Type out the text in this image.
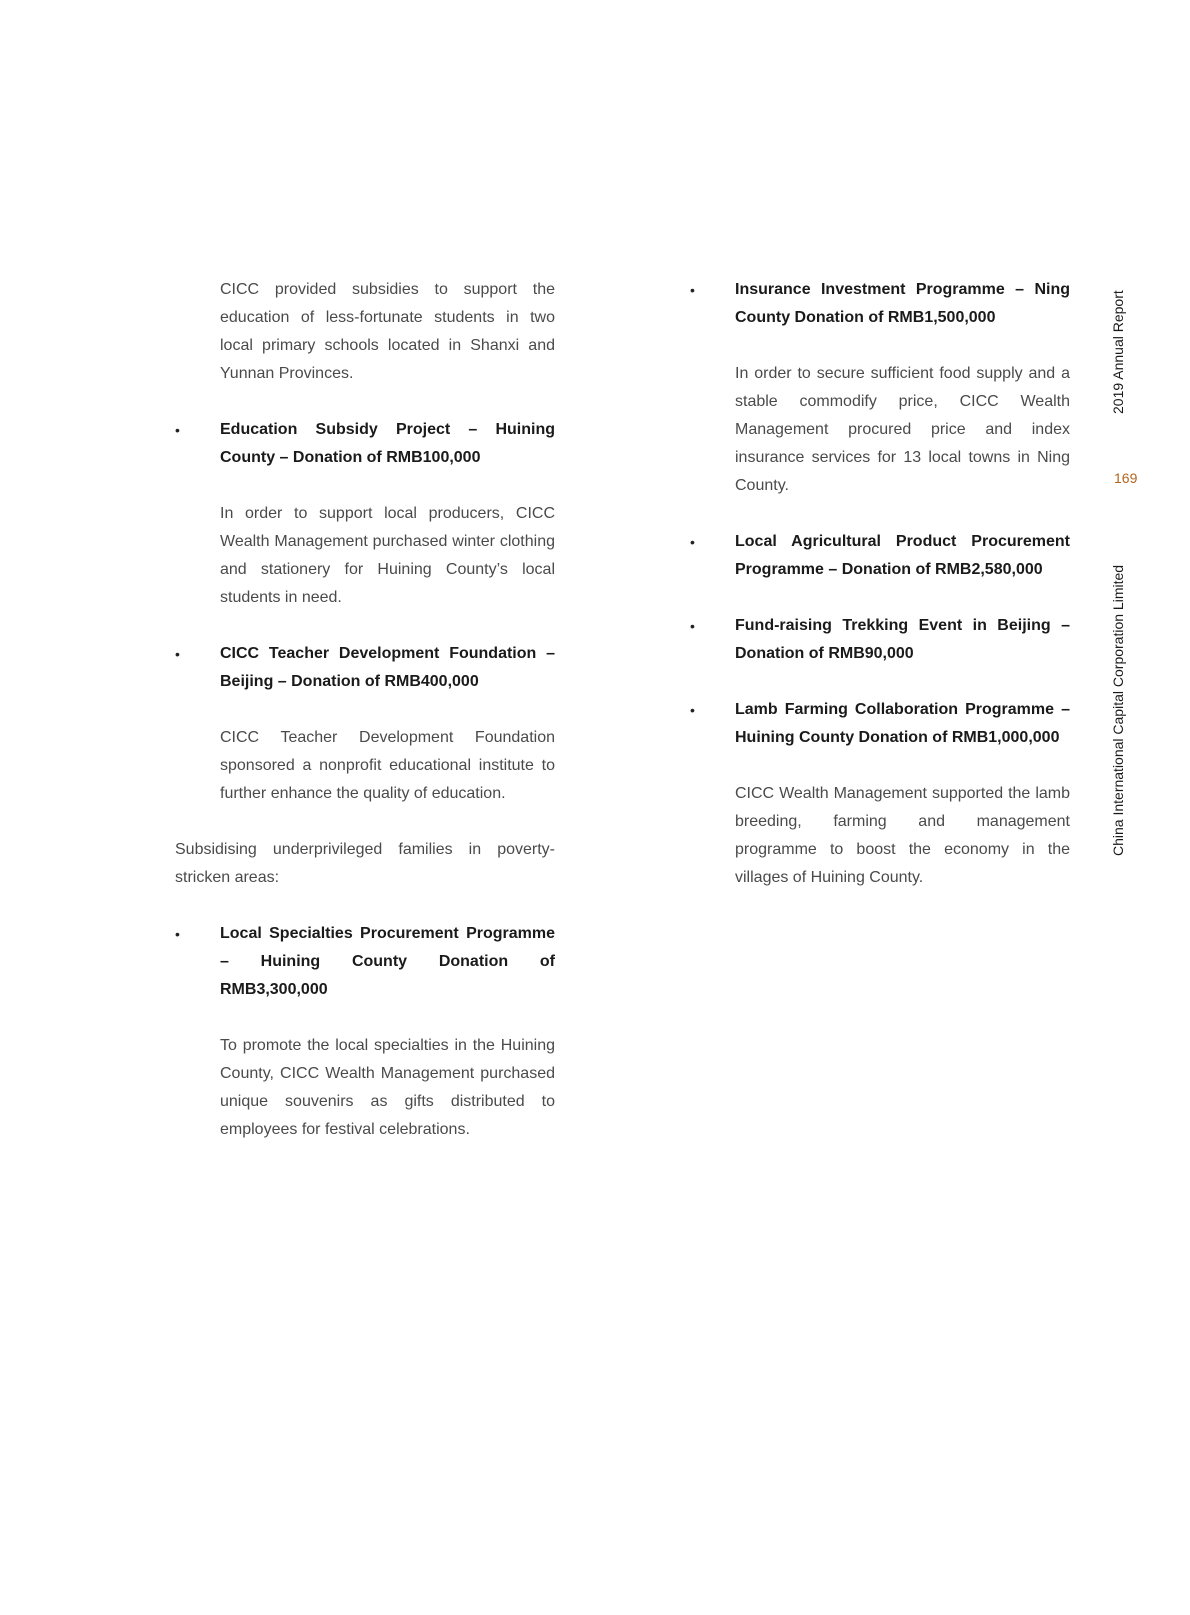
CICC provided subsidies to support the education of less-fortunate students in two local primary schools located in Shanxi and Yunnan Provinces.

•	Education Subsidy Project – Huining County – Donation of RMB100,000

In order to support local producers, CICC Wealth Management purchased winter clothing and stationery for Huining County’s local students in need.

•	CICC Teacher Development Foundation – Beijing – Donation of RMB400,000

CICC Teacher Development Foundation sponsored a nonprofit educational institute to further enhance the quality of education.

Subsidising underprivileged families in poverty-stricken areas:

•	Local Specialties Procurement Programme – Huining County Donation of RMB3,300,000

To promote the local specialties in the Huining County, CICC Wealth Management purchased unique souvenirs as gifts distributed to employees for festival celebrations.

•	Insurance Investment Programme – Ning County Donation of RMB1,500,000

In order to secure sufficient food supply and a stable commodify price, CICC Wealth Management procured price and index insurance services for 13 local towns in Ning County.

•	Local Agricultural Product Procurement Programme – Donation of RMB2,580,000

•	Fund-raising Trekking Event in Beijing – Donation of RMB90,000

•	Lamb Farming Collaboration Programme – Huining County Donation of RMB1,000,000

CICC Wealth Management supported the lamb breeding, farming and management programme to boost the economy in the villages of Huining County.

2019 Annual Report
169
China International Capital Corporation Limited
